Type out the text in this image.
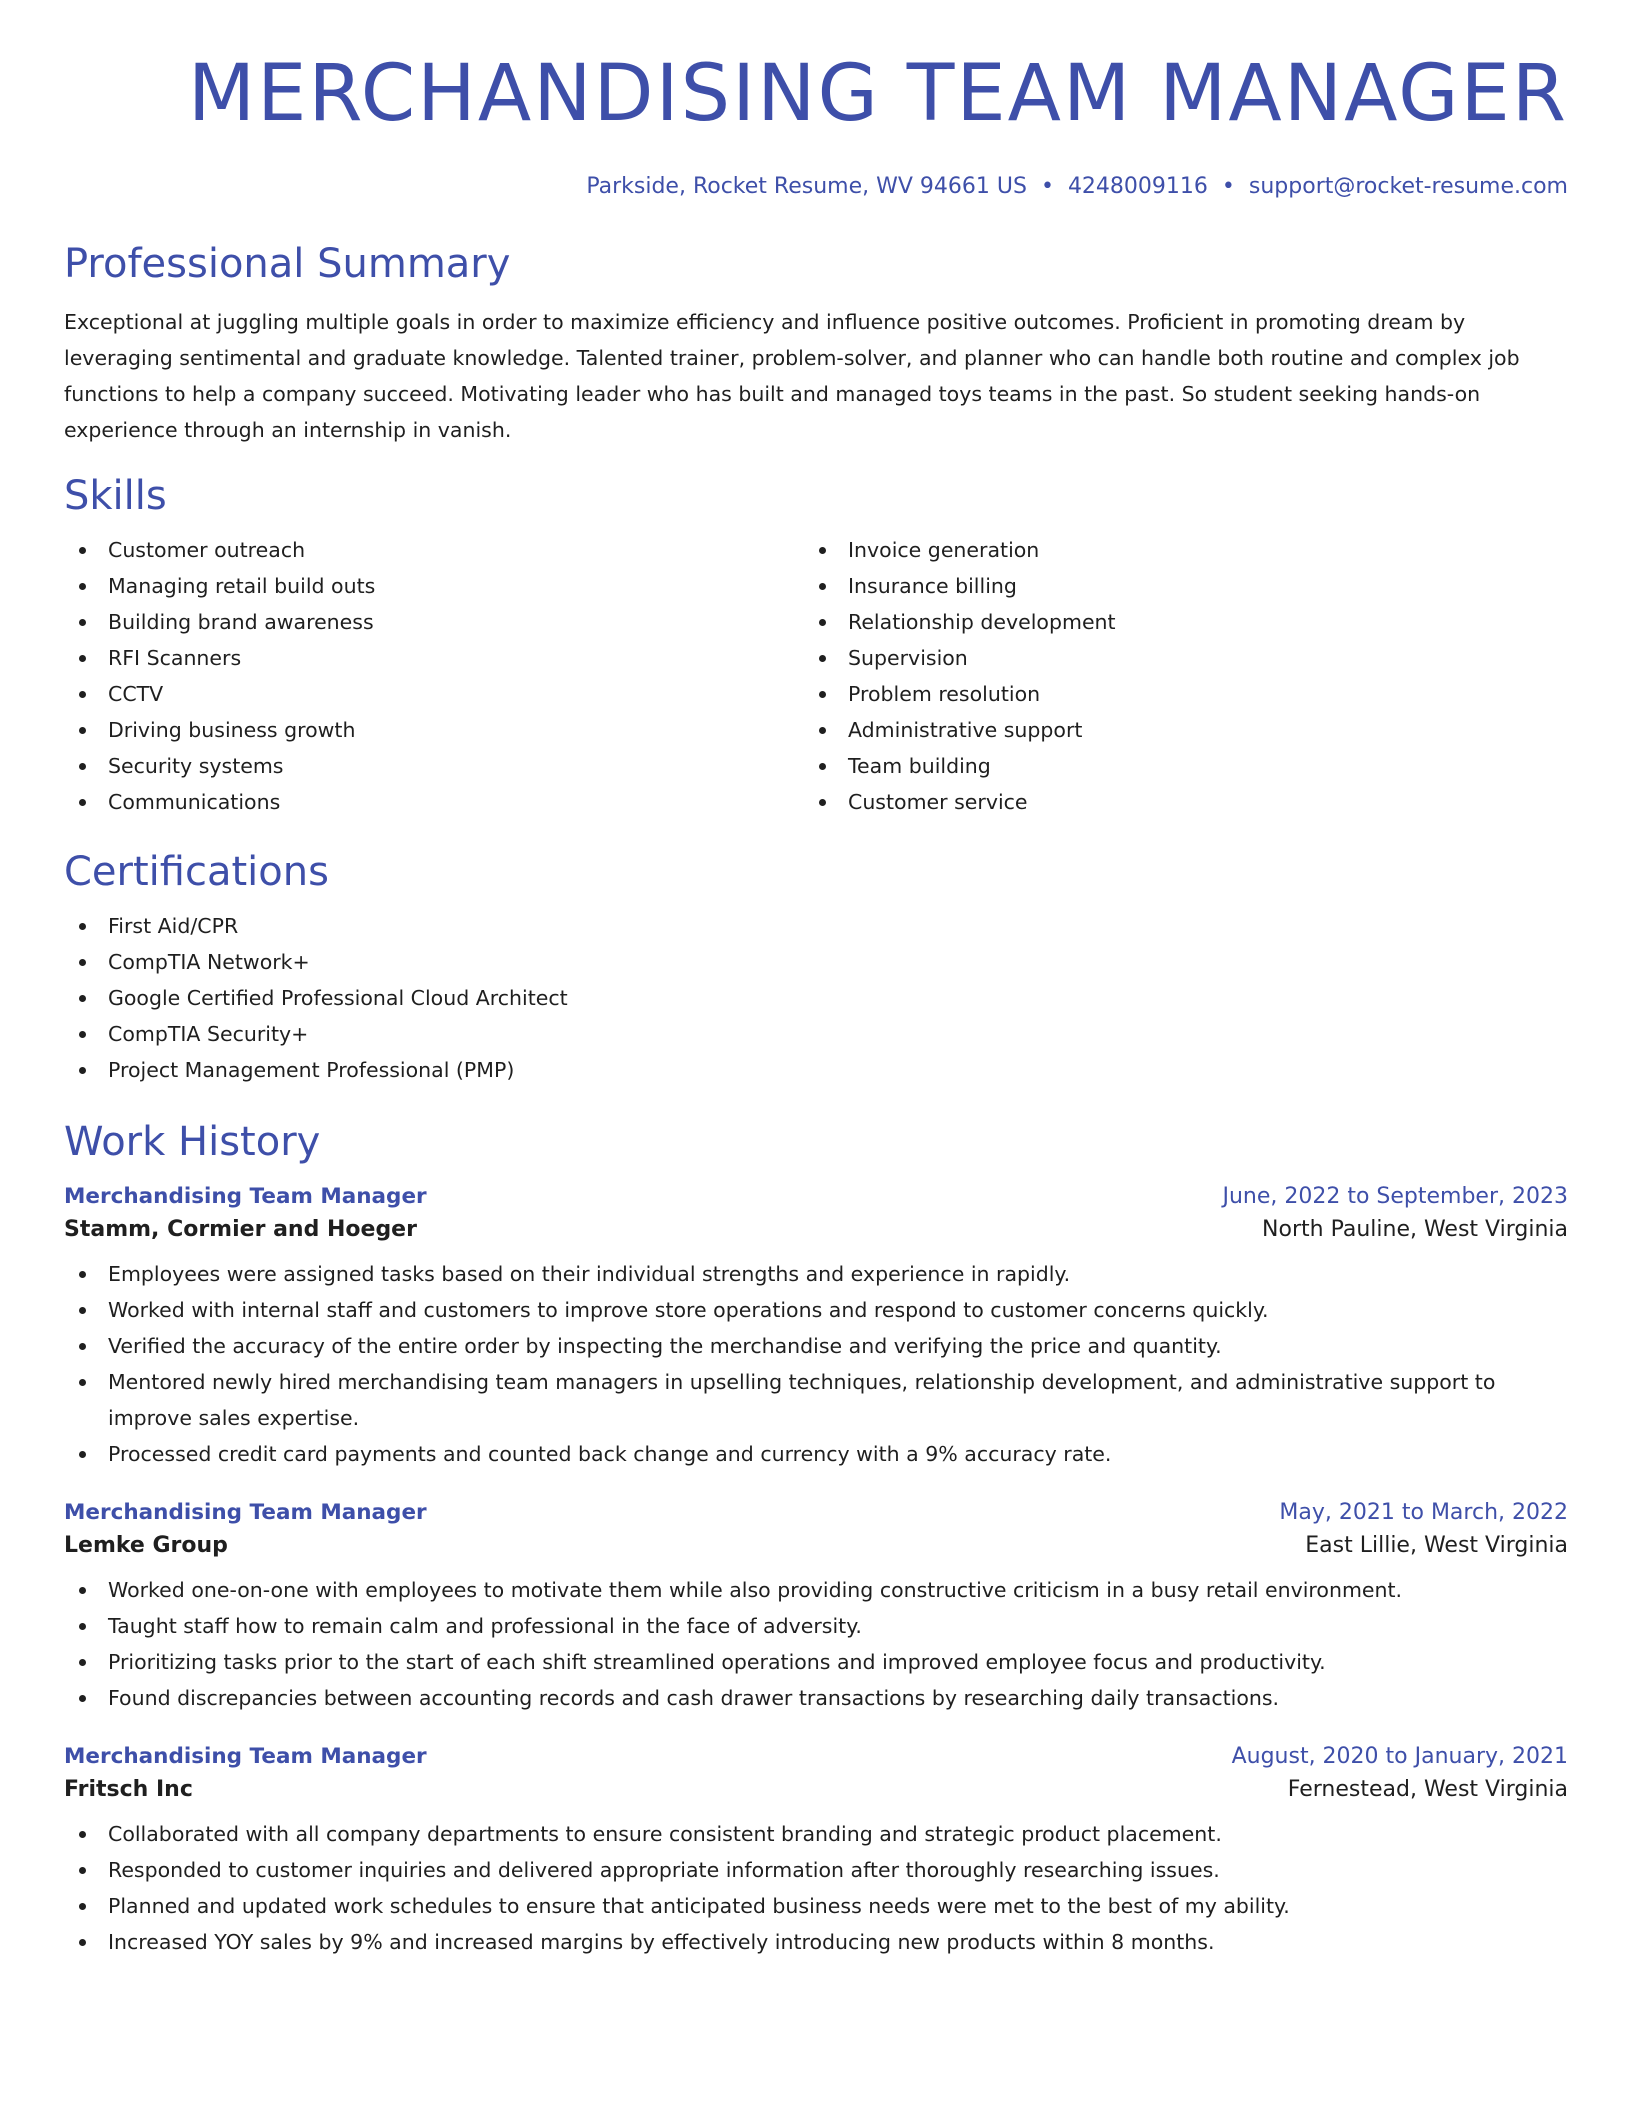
MERCHANDISING TEAM MANAGER
Parkside, Rocket Resume, WV 94661 US • 4248009116 • support@rocket-resume.com
Professional Summary

Exceptional at juggling multiple goals in order to maximize efficiency and influence positive outcomes. Proficient in promoting dream by leveraging sentimental and graduate knowledge. Talented trainer, problem-solver, and planner who can handle both routine and complex job functions to help a company succeed. Motivating leader who has built and managed toys teams in the past. So student seeking hands-on experience through an internship in vanish.

Skills
Customer outreach
Managing retail build outs
Building brand awareness
RFI Scanners
CCTV
Driving business growth
Security systems
Communications
Invoice generation
Insurance billing
Relationship development
Supervision
Problem resolution
Administrative support
Team building
Customer service
Certifications
First Aid/CPR
CompTIA Network+
Google Certified Professional Cloud Architect
CompTIA Security+
Project Management Professional (PMP)
Work History
Merchandising Team Manager	June, 2022 to September, 2023
Stamm, Cormier and Hoeger	North Pauline, West Virginia
Employees were assigned tasks based on their individual strengths and experience in rapidly.
Worked with internal staff and customers to improve store operations and respond to customer concerns quickly.
Verified the accuracy of the entire order by inspecting the merchandise and verifying the price and quantity.
Mentored newly hired merchandising team managers in upselling techniques, relationship development, and administrative support to improve sales expertise.
Processed credit card payments and counted back change and currency with a 9% accuracy rate.
Merchandising Team Manager	May, 2021 to March, 2022
Lemke Group	East Lillie, West Virginia
Worked one-on-one with employees to motivate them while also providing constructive criticism in a busy retail environment.
Taught staff how to remain calm and professional in the face of adversity.
Prioritizing tasks prior to the start of each shift streamlined operations and improved employee focus and productivity.
Found discrepancies between accounting records and cash drawer transactions by researching daily transactions.
Merchandising Team Manager	August, 2020 to January, 2021
Fritsch Inc	Fernestead, West Virginia
Collaborated with all company departments to ensure consistent branding and strategic product placement.
Responded to customer inquiries and delivered appropriate information after thoroughly researching issues.
Planned and updated work schedules to ensure that anticipated business needs were met to the best of my ability.
Increased YOY sales by 9% and increased margins by effectively introducing new products within 8 months.
